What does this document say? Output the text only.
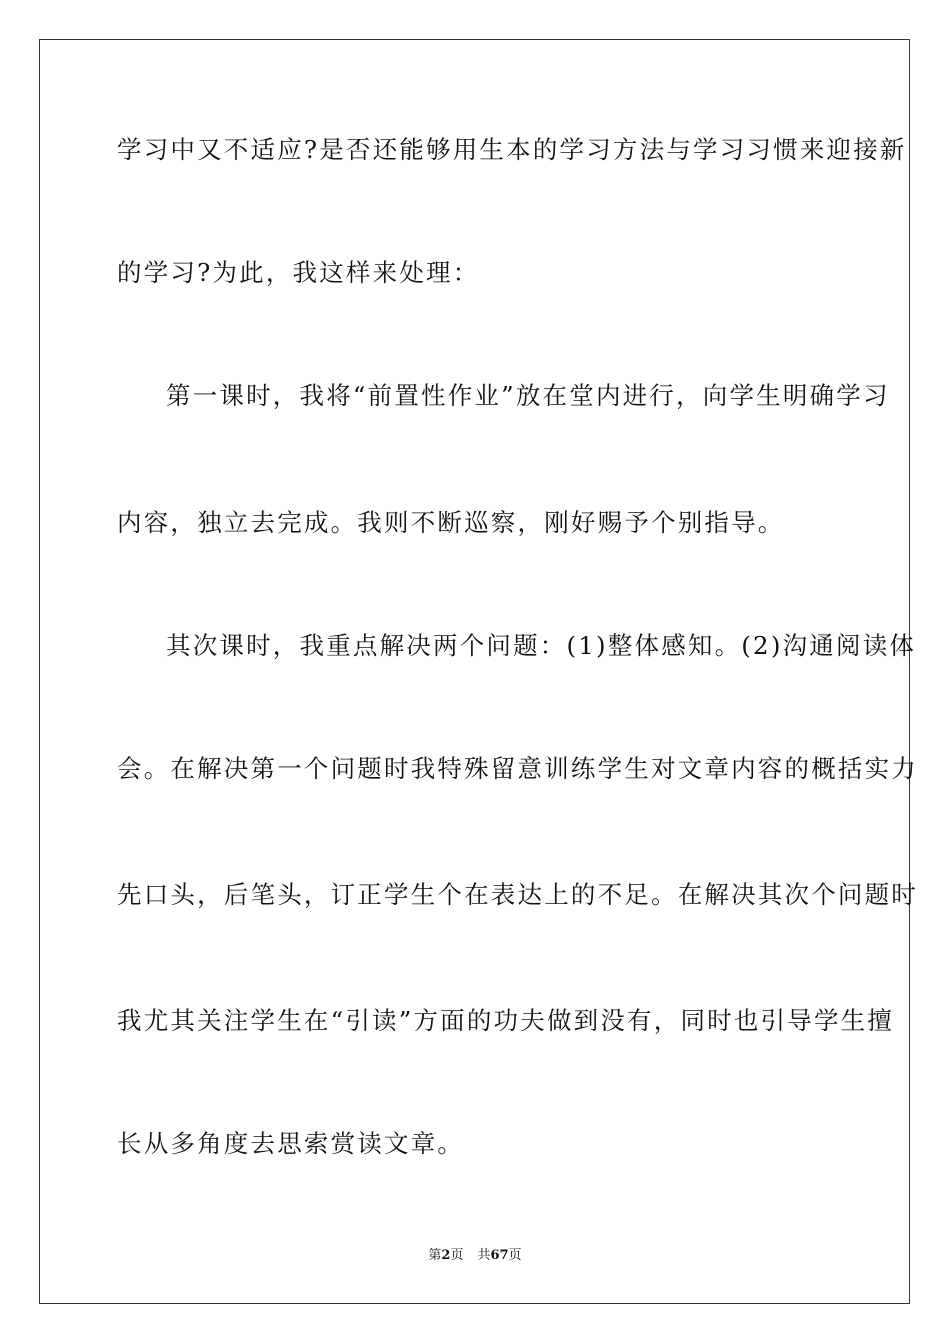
学习中又不适应?是否还能够用生本的学习方法与学习习惯来迎接新
的学习?为此，我这样来处理：
第一课时，我将“前置性作业”放在堂内进行，向学生明确学习
内容，独立去完成。我则不断巡察，刚好赐予个别指导。
其次课时，我重点解决两个问题：(1)整体感知。(2)沟通阅读体
会。在解决第一个问题时我特殊留意训练学生对文章内容的概括实力
先口头，后笔头，订正学生个在表达上的不足。在解决其次个问题时
我尤其关注学生在“引读”方面的功夫做到没有，同时也引导学生擅
长从多角度去思索赏读文章。
第2页 共67页
